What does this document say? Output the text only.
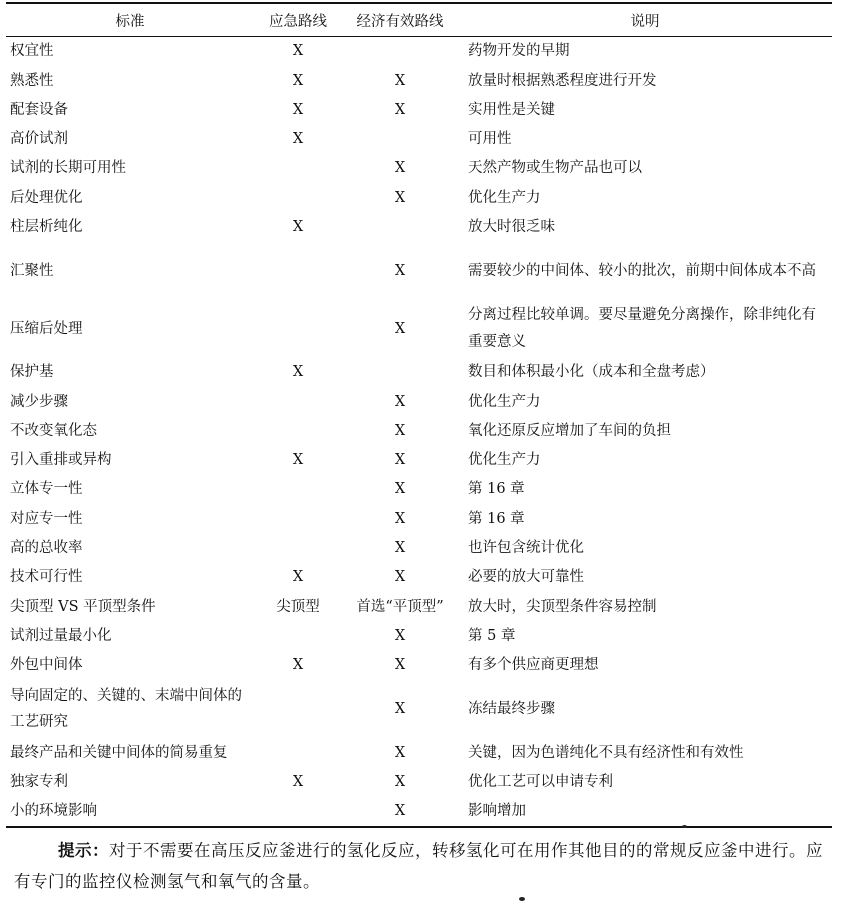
标准	应急路线	经济有效路线	说明
权宜性	X		药物开发的早期
熟悉性	X	X	放量时根据熟悉程度进行开发
配套设备	X	X	实用性是关键
高价试剂	X		可用性
试剂的长期可用性		X	天然产物或生物产品也可以
后处理优化		X	优化生产力
柱层析纯化	X		放大时很乏味
汇聚性		X	需要较少的中间体、较小的批次，前期中间体成本不高
压缩后处理		X	分离过程比较单调。要尽量避免分离操作，除非纯化有重要意义
保护基	X		数目和体积最小化（成本和全盘考虑）
减少步骤		X	优化生产力
不改变氧化态		X	氧化还原反应增加了车间的负担
引入重排或异构	X	X	优化生产力
立体专一性		X	第 16 章
对应专一性		X	第 16 章
高的总收率		X	也许包含统计优化
技术可行性	X	X	必要的放大可靠性
尖顶型 VS 平顶型条件	尖顶型	首选“平顶型”	放大时，尖顶型条件容易控制
试剂过量最小化		X	第 5 章
外包中间体	X	X	有多个供应商更理想
导向固定的、关键的、末端中间体的工艺研究		X	冻结最终步骤
最终产品和关键中间体的简易重复		X	关键，因为色谱纯化不具有经济性和有效性
独家专利	X	X	优化工艺可以申请专利
小的环境影响		X	影响增加
提示：对于不需要在高压反应釜进行的氢化反应，转移氢化可在用作其他目的的常规反应釜中进行。应有专门的监控仪检测氢气和氧气的含量。
